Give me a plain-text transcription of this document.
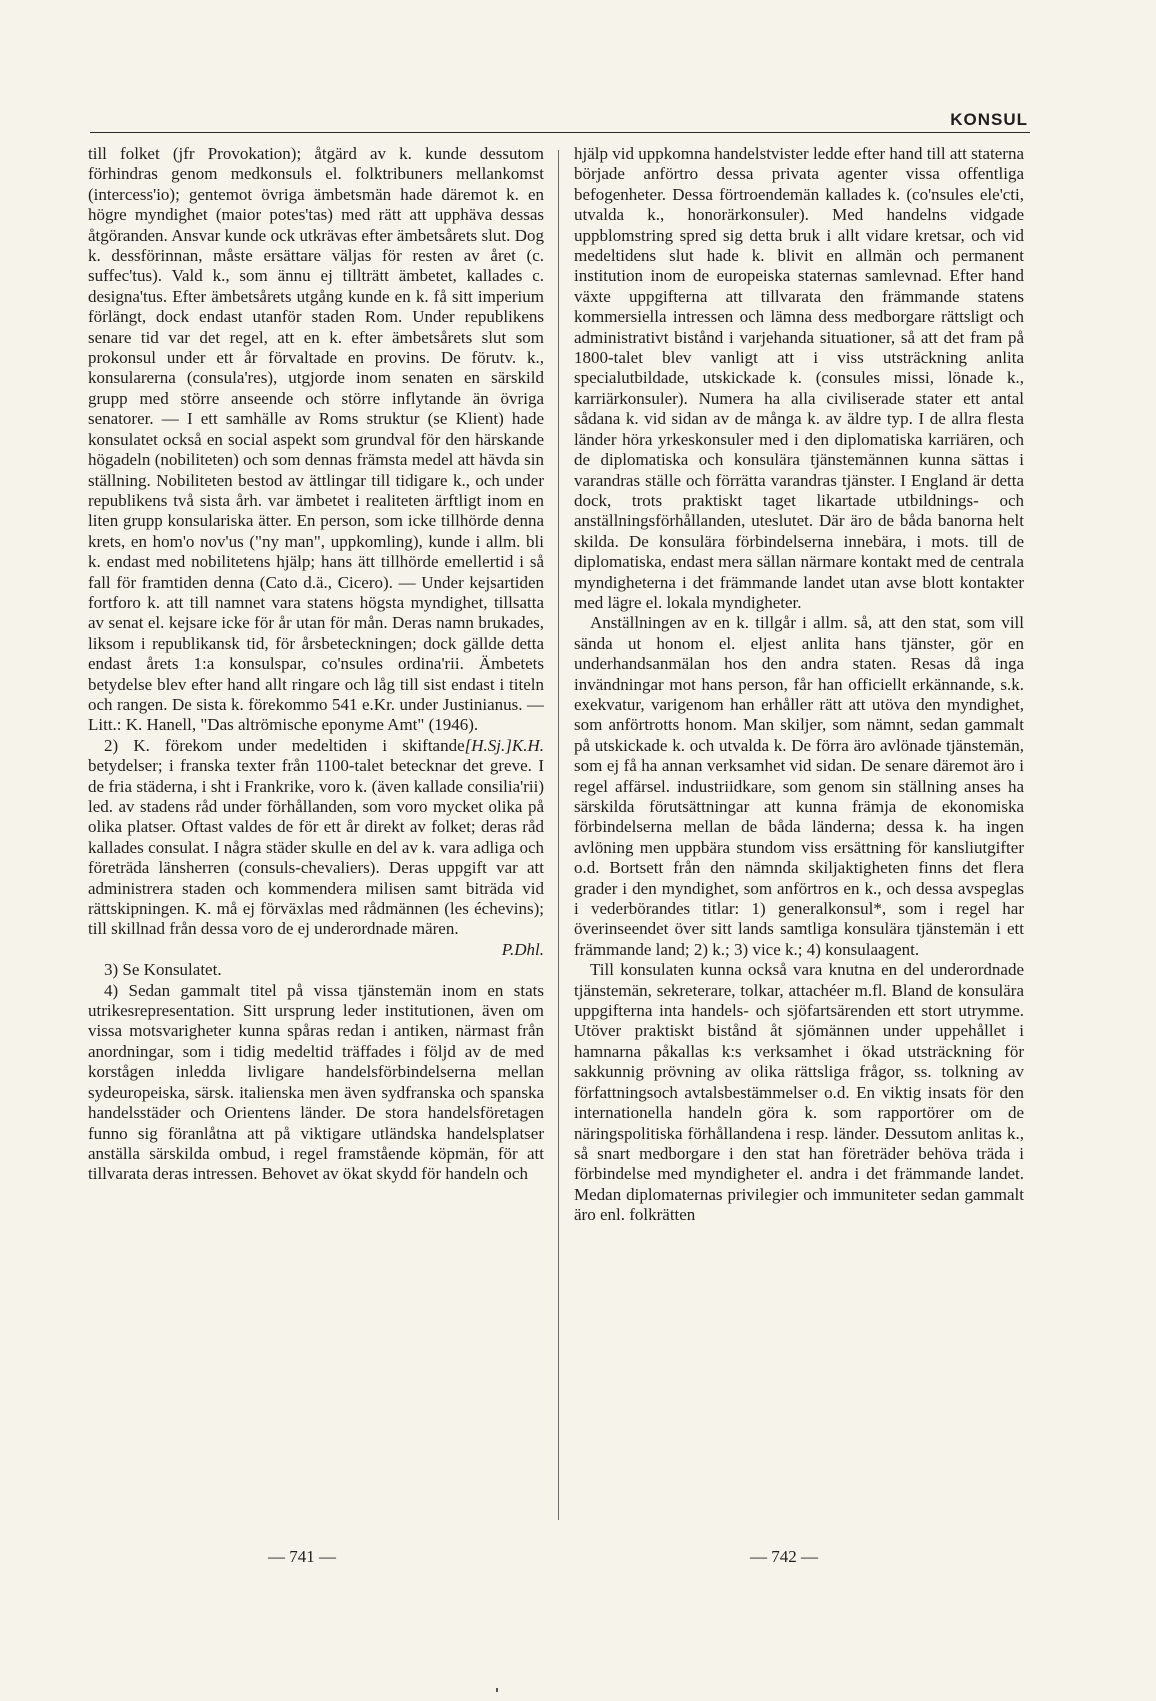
KONSUL

till folket (jfr Provokation); åtgärd av k. kunde dessutom förhindras genom medkonsuls el. folktribuners mellankomst (intercess'io); gentemot övriga ämbetsmän hade däremot k. en högre myndighet (maior potes'tas) med rätt att upphäva dessas åtgöranden. Ansvar kunde ock utkrävas efter ämbetsårets slut. Dog k. dessförinnan, måste ersättare väljas för resten av året (c. suffec'tus). Vald k., som ännu ej tillträtt ämbetet, kallades c. designa'tus. Efter ämbetsårets utgång kunde en k. få sitt imperium förlängt, dock endast utanför staden Rom. Under republikens senare tid var det regel, att en k. efter ämbetsårets slut som prokonsul under ett år förvaltade en provins. De förutv. k., konsularerna (consula'res), utgjorde inom senaten en särskild grupp med större anseende och större inflytande än övriga senatorer. — I ett samhälle av Roms struktur (se Klient) hade konsulatet också en social aspekt som grundval för den härskande högadeln (nobiliteten) och som dennas främsta medel att hävda sin ställning. Nobiliteten bestod av ättlingar till tidigare k., och under republikens två sista årh. var ämbetet i realiteten ärftligt inom en liten grupp konsulariska ätter. En person, som icke tillhörde denna krets, en hom'o nov'us ("ny man", uppkomling), kunde i allm. bli k. endast med nobilitetens hjälp; hans ätt tillhörde emellertid i så fall för framtiden denna (Cato d.ä., Cicero). — Under kejsartiden fortforo k. att till namnet vara statens högsta myndighet, tillsatta av senat el. kejsare icke för år utan för mån. Deras namn brukades, liksom i republikansk tid, för årsbeteckningen; dock gällde detta endast årets 1:a konsulspar, co'nsules ordina'rii. Ämbetets betydelse blev efter hand allt ringare och låg till sist endast i titeln och rangen. De sista k. förekommo 541 e.Kr. under Justinianus. — Litt.: K. Hanell, "Das altrömische eponyme Amt" (1946).

[H.Sj.]K.H.

2) K. förekom under medeltiden i skiftande betydelser; i franska texter från 1100-talet betecknar det greve. I de fria städerna, i sht i Frankrike, voro k. (även kallade consilia'rii) led. av stadens råd under förhållanden, som voro mycket olika på olika platser. Oftast valdes de för ett år direkt av folket; deras råd kallades consulat. I några städer skulle en del av k. vara adliga och företräda länsherren (consuls-chevaliers). Deras uppgift var att administrera staden och kommendera milisen samt biträda vid rättskipningen. K. må ej förväxlas med rådmännen (les échevins); till skillnad från dessa voro de ej underordnade mären.

P.Dhl.

3) Se Konsulatet.

4) Sedan gammalt titel på vissa tjänstemän inom en stats utrikesrepresentation. Sitt ursprung leder institutionen, även om vissa motsvarigheter kunna spåras redan i antiken, närmast från anordningar, som i tidig medeltid träffades i följd av de med korstågen inledda livligare handelsförbindelserna mellan sydeuropeiska, särsk. italienska men även sydfranska och spanska handelsstäder och Orientens länder. De stora handelsföretagen funno sig föranlåtna att på viktigare utländska handelsplatser anställa särskilda ombud, i regel framstående köpmän, för att tillvarata deras intressen. Behovet av ökat skydd för handeln och

hjälp vid uppkomna handelstvister ledde efter hand till att staterna började anförtro dessa privata agenter vissa offentliga befogenheter. Dessa förtroendemän kallades k. (co'nsules ele'cti, utvalda k., honorärkonsuler). Med handelns vidgade uppblomstring spred sig detta bruk i allt vidare kretsar, och vid medeltidens slut hade k. blivit en allmän och permanent institution inom de europeiska staternas samlevnad. Efter hand växte uppgifterna att tillvarata den främmande statens kommersiella intressen och lämna dess medborgare rättsligt och administrativt bistånd i varjehanda situationer, så att det fram på 1800-talet blev vanligt att i viss utsträckning anlita specialutbildade, utskickade k. (consules missi, lönade k., karriärkonsuler). Numera ha alla civiliserade stater ett antal sådana k. vid sidan av de många k. av äldre typ. I de allra flesta länder höra yrkeskonsuler med i den diplomatiska karriären, och de diplomatiska och konsulära tjänstemännen kunna sättas i varandras ställe och förrätta varandras tjänster. I England är detta dock, trots praktiskt taget likartade utbildnings- och anställningsförhållanden, uteslutet. Där äro de båda banorna helt skilda. De konsulära förbindelserna innebära, i mots. till de diplomatiska, endast mera sällan närmare kontakt med de centrala myndigheterna i det främmande landet utan avse blott kontakter med lägre el. lokala myndigheter.

Anställningen av en k. tillgår i allm. så, att den stat, som vill sända ut honom el. eljest anlita hans tjänster, gör en underhandsanmälan hos den andra staten. Resas då inga invändningar mot hans person, får han officiellt erkännande, s.k. exekvatur, varigenom han erhåller rätt att utöva den myndighet, som anförtrotts honom. Man skiljer, som nämnt, sedan gammalt på utskickade k. och utvalda k. De förra äro avlönade tjänstemän, som ej få ha annan verksamhet vid sidan. De senare däremot äro i regel affärsel. industriidkare, som genom sin ställning anses ha särskilda förutsättningar att kunna främja de ekonomiska förbindelserna mellan de båda länderna; dessa k. ha ingen avlöning men uppbära stundom viss ersättning för kansliutgifter o.d. Bortsett från den nämnda skiljaktigheten finns det flera grader i den myndighet, som anförtros en k., och dessa avspeglas i vederbörandes titlar: 1) generalkonsul*, som i regel har överinseendet över sitt lands samtliga konsulära tjänstemän i ett främmande land; 2) k.; 3) vice k.; 4) konsulaagent.

Till konsulaten kunna också vara knutna en del underordnade tjänstemän, sekreterare, tolkar, attachéer m.fl. Bland de konsulära uppgifterna inta handels- och sjöfartsärenden ett stort utrymme. Utöver praktiskt bistånd åt sjömännen under uppehållet i hamnarna påkallas k:s verksamhet i ökad utsträckning för sakkunnig prövning av olika rättsliga frågor, ss. tolkning av författningsoch avtalsbestämmelser o.d. En viktig insats för den internationella handeln göra k. som rapportörer om de näringspolitiska förhållandena i resp. länder. Dessutom anlitas k., så snart medborgare i den stat han företräder behöva träda i förbindelse med myndigheter el. andra i det främmande landet. Medan diplomaternas privilegier och immuniteter sedan gammalt äro enl. folkrätten

— 741 —	— 742 —
